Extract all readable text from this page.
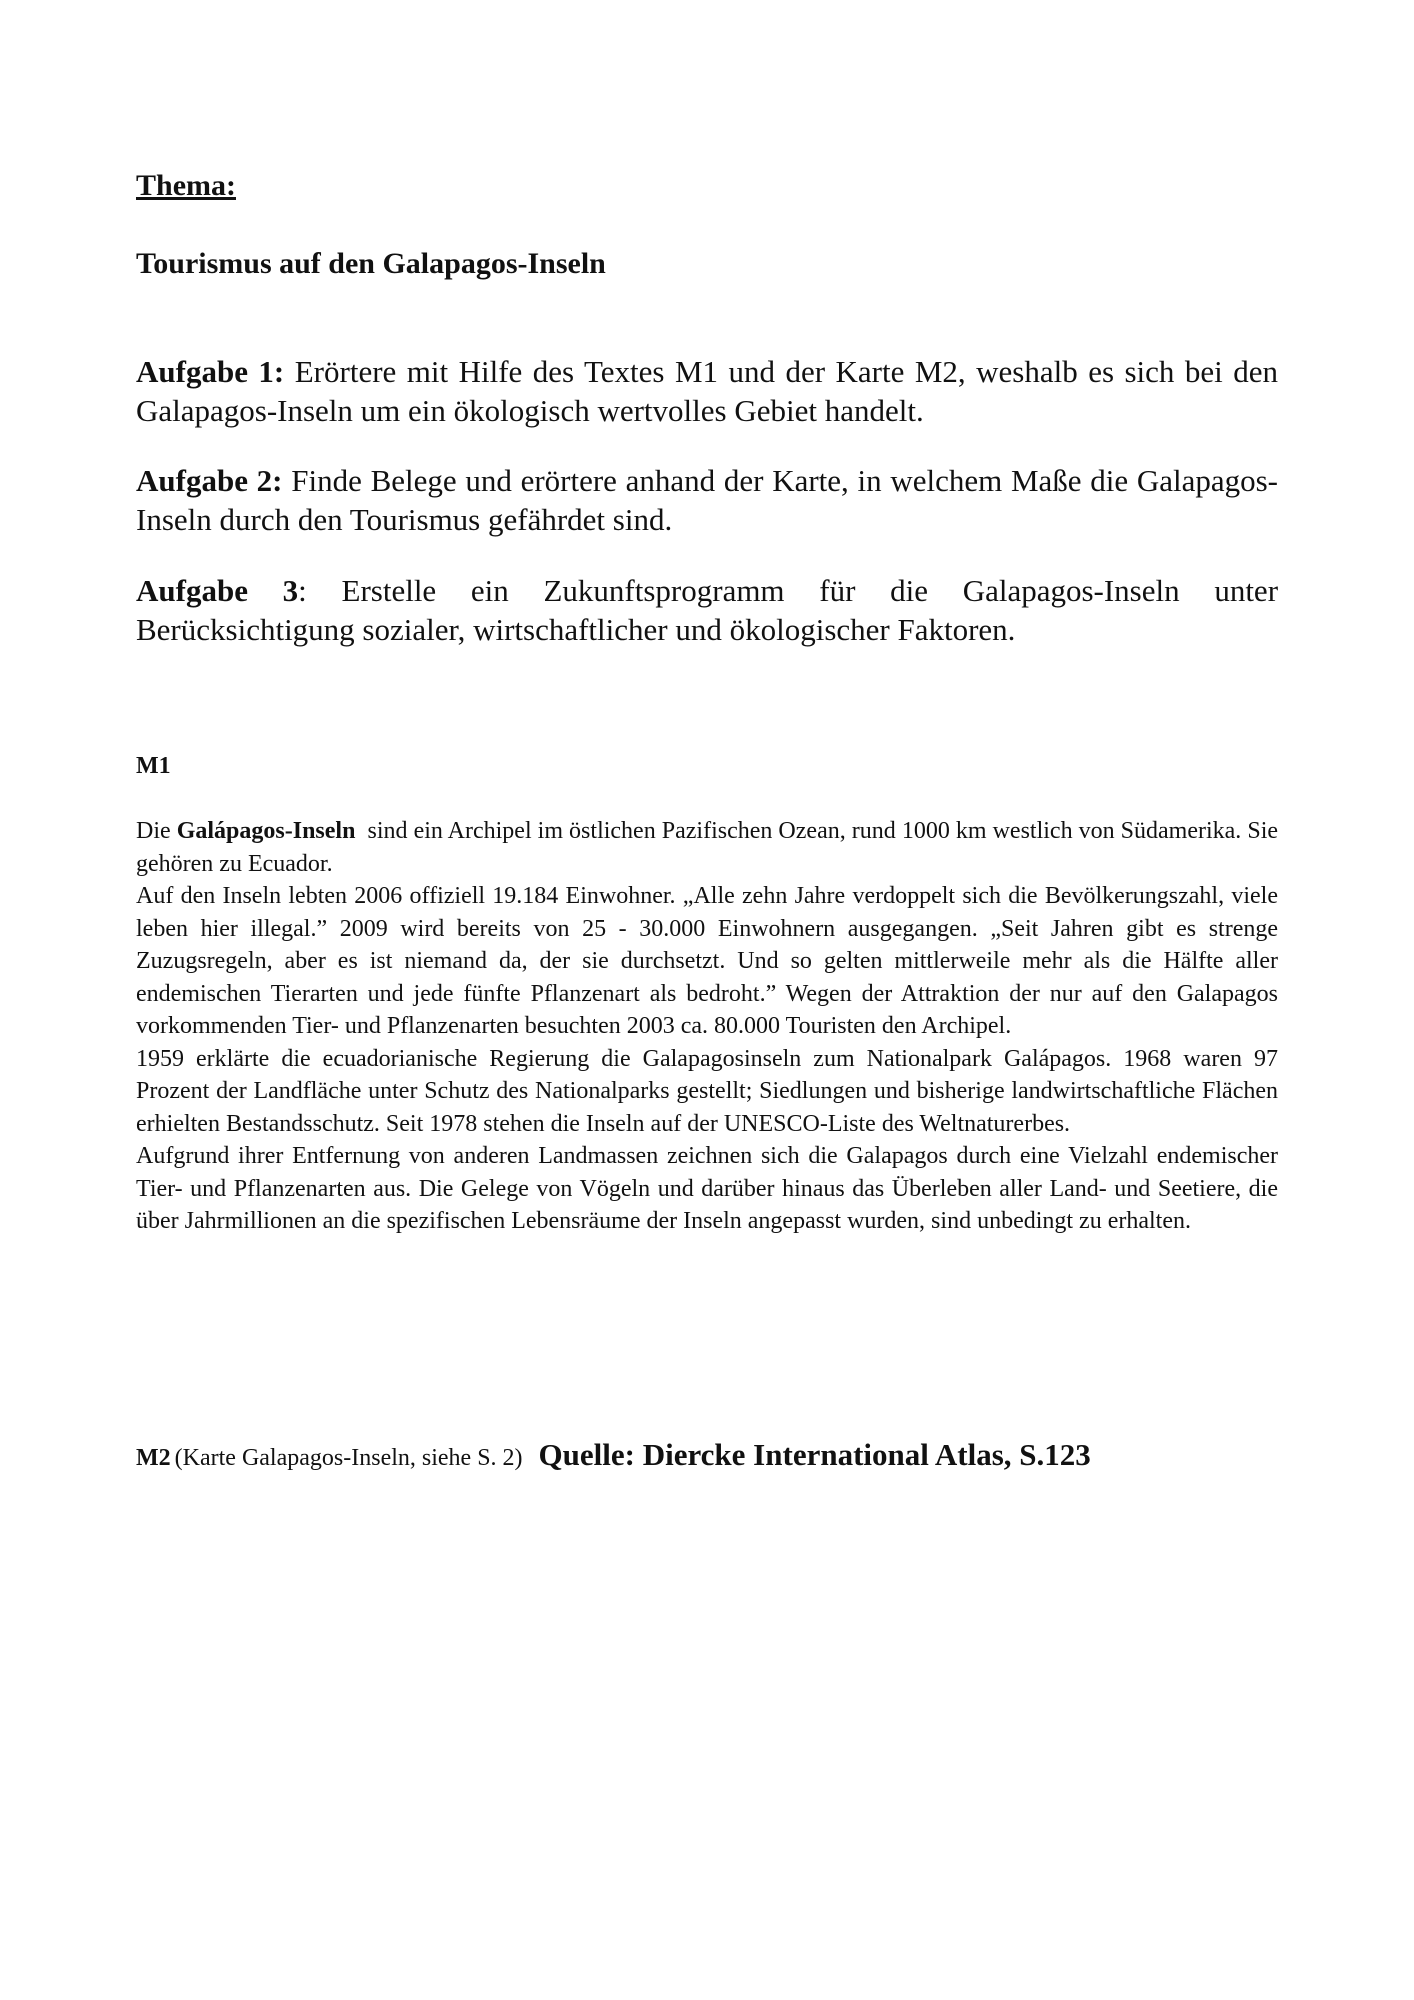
Thema:
Tourismus auf den Galapagos-Inseln
Aufgabe 1: Erörtere mit Hilfe des Textes M1 und der Karte M2, weshalb es sich bei den Galapagos-Inseln um ein ökologisch wertvolles Gebiet handelt.
Aufgabe 2: Finde Belege und erörtere anhand der Karte, in welchem Maße die Galapagos-Inseln durch den Tourismus gefährdet sind.
Aufgabe 3: Erstelle ein Zukunftsprogramm für die Galapagos-Inseln unter Berücksichtigung sozialer, wirtschaftlicher und ökologischer Faktoren.
M1

Die Galápagos-Inseln sind ein Archipel im östlichen Pazifischen Ozean, rund 1000 km westlich von Südamerika. Sie gehören zu Ecuador.

Auf den Inseln lebten 2006 offiziell 19.184 Einwohner. „Alle zehn Jahre verdoppelt sich die Bevölkerungszahl, viele leben hier illegal.” 2009 wird bereits von 25 - 30.000 Einwohnern ausgegangen. „Seit Jahren gibt es strenge Zuzugsregeln, aber es ist niemand da, der sie durchsetzt. Und so gelten mittlerweile mehr als die Hälfte aller endemischen Tierarten und jede fünfte Pflanzenart als bedroht.” Wegen der Attraktion der nur auf den Galapagos vorkommenden Tier- und Pflanzenarten besuchten 2003 ca. 80.000 Touristen den Archipel.

1959 erklärte die ecuadorianische Regierung die Galapagosinseln zum Nationalpark Galápagos. 1968 waren 97 Prozent der Landfläche unter Schutz des Nationalparks gestellt; Siedlungen und bisherige landwirtschaftliche Flächen erhielten Bestandsschutz. Seit 1978 stehen die Inseln auf der UNESCO-Liste des Weltnaturerbes.

Aufgrund ihrer Entfernung von anderen Landmassen zeichnen sich die Galapagos durch eine Vielzahl endemischer Tier- und Pflanzenarten aus. Die Gelege von Vögeln und darüber hinaus das Überleben aller Land- und Seetiere, die über Jahrmillionen an die spezifischen Lebensräume der Inseln angepasst wurden, sind unbedingt zu erhalten.

M2 (Karte Galapagos-Inseln, siehe S. 2) Quelle: Diercke International Atlas, S.123
